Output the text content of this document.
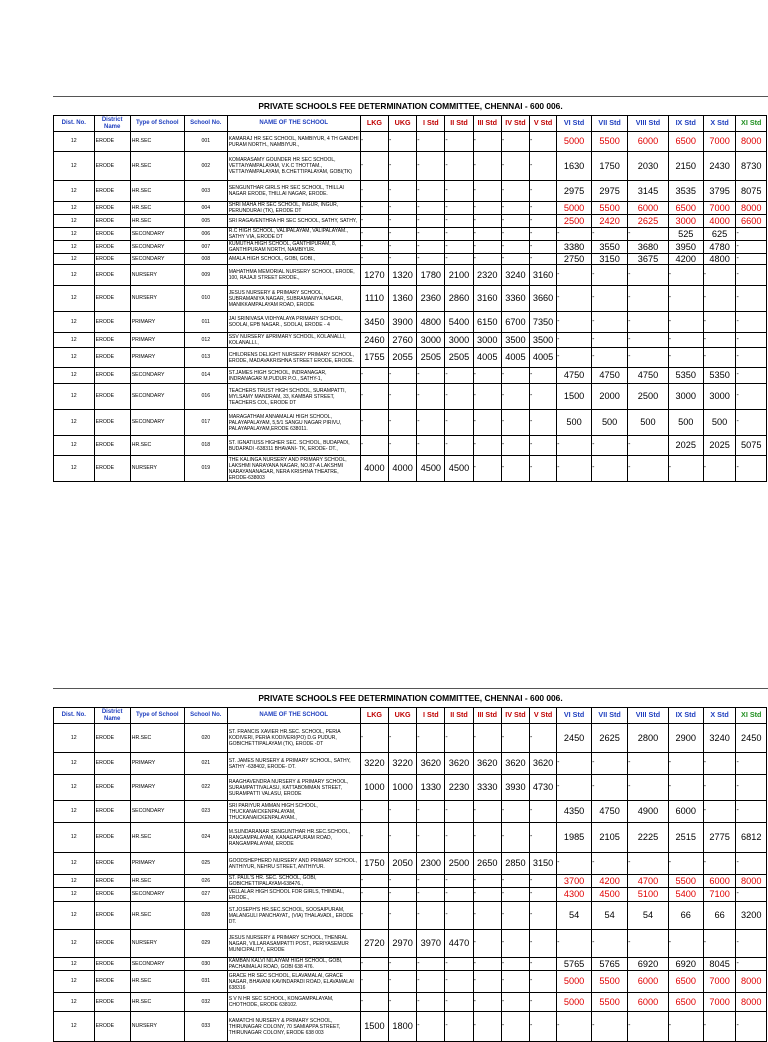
PRIVATE SCHOOLS FEE DETERMINATION COMMITTEE, CHENNAI - 600 006.
Dist. No.	District Name	Type of School	School No.	NAME OF THE SCHOOL	LKG	UKG	I Std	II Std	III Std	IV Std	V Std	VI Std	VII Std	VIII Std	IX Std	X Std	XI Std
12	ERODE	HR.SEC	001	KAMARAJ HR SEC SCHOOL, NAMBIYUR, 4 TH GANDHI PURAM NORTH., NAMBIYUR.,	-	-	-	-	-	-	-	5000	5500	6000	6500	7000	8000
12	ERODE	HR.SEC	002	KOMARASAMY GOUNDER HR SEC SCHOOL, VETTAIYAMPALAYAM, V.K.C THOTTAM., VETTAIYAMPALAYAM, B.CHETTIPALAYAM, GOBI(TK)	-	-	-	-	-	-	-	1630	1750	2030	2150	2430	8730
12	ERODE	HR.SEC	003	SENGUNTHAR GIRLS HR SEC SCHOOL, THILLAI NAGAR ERODE, THILLAI NAGAR, ERODE.	-	-	-	-	-	-	-	2975	2975	3145	3535	3795	8075
12	ERODE	HR.SEC	004	SHRI MAHA HR SEC SCHOOL, INGUR, INGUR, PERUNDURAI (TK), ERODE DT	-	-	-	-	-	-	-	5000	5500	6000	6500	7000	8000
12	ERODE	HR.SEC	005	SRI RAGAVENTHRA HR SEC SCHOOL, SATHY, SATHY,	-	-	-	-	-	-	-	2500	2420	2625	3000	4000	6600
12	ERODE	SECONDARY	006	R.C HIGH SCHOOL, VALIPALAYAM, VALIPALAYAM., SATHY VIA, ERODE DT	-	-	-	-	-	-	-	-	-	-	525	625	-
12	ERODE	SECONDARY	007	KUMUTHA HIGH SCHOOL, GANTHIPURAM, 8, GANTHIPURAM NORTH, NAMBIYUR.	-	-	-	-	-	-	-	3380	3550	3680	3950	4780	-
12	ERODE	SECONDARY	008	AMALA HIGH SCHOOL, GOBI, GOBI.,	-	-	-	-	-	-	-	2750	3150	3675	4200	4800	-
12	ERODE	NURSERY	009	MAHATHMA MEMORIAL NURSERY SCHOOL, ERODE, 100, RAJAJI STREET ERODE.,	1270	1320	1780	2100	2320	3240	3160	-	-	-	-	-	-
12	ERODE	NURSERY	010	JESUS NURSERY & PRIMARY SCHOOL, SUBRAMANIYA NAGAR, SUBRAMANIYA NAGAR, MANIKKAMPALAYAM ROAD, ERODE	1110	1360	2360	2860	3160	3360	3660	-	-	-	-	-	-
12	ERODE	PRIMARY	011	JAI SRINIVASA VIDHYALAYA PRIMARY SCHOOL, SOOLAI, EPB NAGAR., SOOLAI, ERODE - 4	3450	3900	4800	5400	6150	6700	7350	-	-	-	-	-	-
12	ERODE	PRIMARY	012	SSV NURSERY &PRIMARY SCHOOL, KOLANALLI, KOLANALLI.,	2460	2760	3000	3000	3000	3500	3500	-	-	-	-	-	-
12	ERODE	PRIMARY	013	CHILDRENS DELIGHT NURSERY PRIMARY SCHOOL, ERODE, MADAVAKRISHNA STREET ERODE, ERODE.	1755	2055	2505	2505	4005	4005	4005	-	-	-	-	-	-
12	ERODE	SECONDARY	014	ST.JAMES HIGH SCHOOL, INDRANAGAR, INDRANAGAR M.PUDUR P.O., SATHY-1,	-	-	-	-	-	-	-	4750	4750	4750	5350	5350	-
12	ERODE	SECONDARY	016	TEACHERS TRUST HIGH SCHOOL, SURAMPATTI, MYLSAMY MANDRAM, 33, KAMBAR STREET, TEACHERS COL, ERODE DT	-	-	-	-	-	-	-	1500	2000	2500	3000	3000	-
12	ERODE	SECONDARY	017	MARAGATHAM ANNAMALAI HIGH SCHOOL, PALAYAPALAYAM, 5,5/1 SANGU NAGAR PIRIVU, PALAYAPALAYAM,ERODE 638011.	-	-	-	-	-	-	-	500	500	500	500	500	-
12	ERODE	HR.SEC	018	ST. IGNATIUSS HIGHER SEC. SCHOOL, BUDAPADI, BUDAPADI -638311 BHAVANI- TK, ERODE- DT.,	-	-	-	-	-	-	-	-	-	-	2025	2025	5075
12	ERODE	NURSERY	019	THE KALINGA NURSERY AND PRIMARY SCHOOL, LAKSHMI NARAYANA NAGAR, NO.87-A LAKSHMI NARAYANANAGAR, NERA KRISHNA THEATRE, ERODE-638003	4000	4000	4500	4500	-	-	-	-	-	-	-	-	-
PRIVATE SCHOOLS FEE DETERMINATION COMMITTEE, CHENNAI - 600 006.
Dist. No.	District Name	Type of School	School No.	NAME OF THE SCHOOL	LKG	UKG	I Std	II Std	III Std	IV Std	V Std	VI Std	VII Std	VIII Std	IX Std	X Std	XI Std
12	ERODE	HR.SEC	020	ST. FRANCIS XAVIER HR.SEC. SCHOOL, PERIA KODIVERI, PERIA KODIVERI(PO) D.G PUDUR, GOBICHETTIPALAYAM (TK), ERODE -DT	-	-	-	-	-	-	-	2450	2625	2800	2900	3240	2450
12	ERODE	PRIMARY	021	ST. JAMES NURSERY & PRIMARY SCHOOL, SATHY, SATHY -638402, ERODE- DT.	3220	3220	3620	3620	3620	3620	3620	-	-	-	-	-	-
12	ERODE	PRIMARY	022	RAAGHAVENDRA NURSERY & PRIMARY SCHOOL, SURAMPATTIVALASU, KATTABOMMAN STREET, SURAMPATTI VALASU, ERODE	1000	1000	1330	2230	3330	3930	4730	-	-	-	-	-	-
12	ERODE	SECONDARY	023	SRI PARIYUR AMMAN HIGH SCHOOL, THUCKANAICKENPALAYAM, THUCKANAICKENPALAYAM.,	-	-	-	-	-	-	-	4350	4750	4900	6000	-	-
12	ERODE	HR.SEC	024	M.SUNDARANAR SENGUNTHAR HR.SEC.SCHOOL, RANGAMPALAYAM, KANAGAPURAM ROAD, RANGAMPALAYAM, ERODE	-	-	-	-	-	-	-	1985	2105	2225	2515	2775	6812
12	ERODE	PRIMARY	025	GOODSHEPHERD NURSERY AND PRIMARY SCHOOL, ANTHIYUR, NEHRU STREET, ANTHIYUR.	1750	2050	2300	2500	2650	2850	3150	-	-	-	-	-	-
12	ERODE	HR.SEC	026	ST. PAUL'S HR. SEC. SCHOOL, GOBI, GOBICHETTIPALAYAM-638476.,	-	-	-	-	-	-	-	3700	4200	4700	5500	6000	8000
12	ERODE	SECONDARY	027	VELLALAR HIGH SCHOOL FOR GIRLS, THINDAL, ERODE.,	-	-	-	-	-	-	-	4300	4500	5100	5400	7100	-
12	ERODE	HR.SEC	028	ST.JOSEPH'S HR.SEC.SCHOOL, SOOSAIPURAM, MALANGULI PANCHAYAT,, (VIA) THALAVADI,, ERODE DT.	-	-	-	-	-	-	-	54	54	54	66	66	3200
12	ERODE	NURSERY	029	JESUS NURSERY & PRIMARY SCHOOL, THENRAL NAGAR, VILLARASAMPATTI POST., PERIYASEMUR MUNICIPALITY., ERODE	2720	2970	3970	4470	-	-	-	-	-	-	-	-	-
12	ERODE	SECONDARY	030	KAMBAN KALVI NILAIYAM HIGH SCHOOL, GOBI, PACHAIMALAI ROAD, GOBI 638 476.	-	-	-	-	-	-	-	5765	5765	6920	6920	8045	-
12	ERODE	HR.SEC	031	GRACE HR SEC SCHOOL, ELAVAMALAI, GRACE NAGAR, BHAVANI KAVINDAPADI ROAD, ELAVAMALAI 638316	-	-	-	-	-	-	-	5000	5500	6000	6500	7000	8000
12	ERODE	HR.SEC	032	S V N HR SEC SCHOOL, KONGAMPALAYAM, CHOTHODE, ERODE 638102.	-	-	-	-	-	-	-	5000	5500	6000	6500	7000	8000
12	ERODE	NURSERY	033	KAMATCHI NURSERY & PRIMARY SCHOOL, THIRUNAGAR COLONY, 70 SAMIAPPA STREET, THIRUNAGAR COLONY, ERODE 638 003	1500	1800	-	-	-	-	-	-	-	-	-	-	-
